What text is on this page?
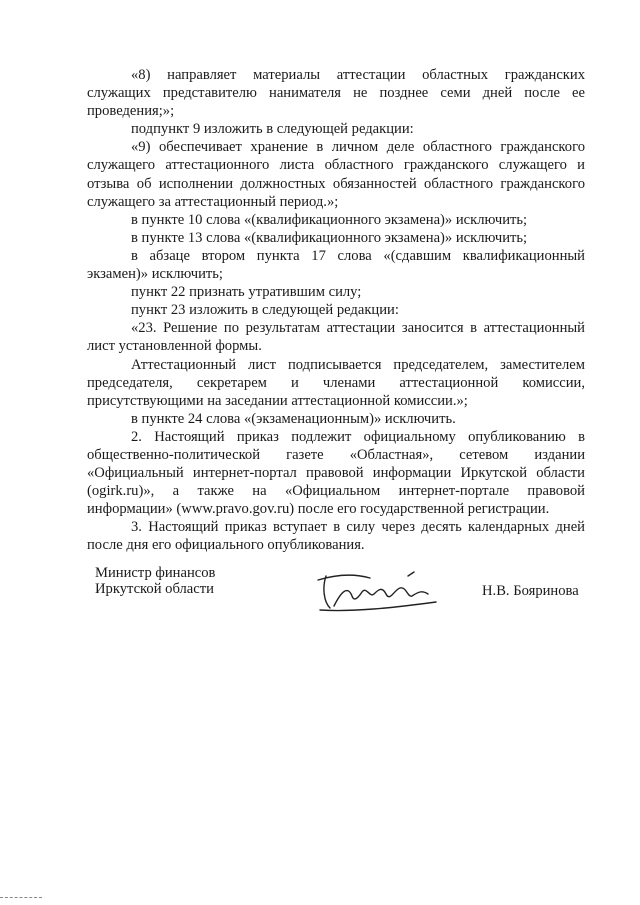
«8) направляет материалы аттестации областных гражданских служащих представителю нанимателя не позднее семи дней после ее проведения;»;

подпункт 9 изложить в следующей редакции:

«9) обеспечивает хранение в личном деле областного гражданского служащего аттестационного листа областного гражданского служащего и отзыва об исполнении должностных обязанностей областного гражданского служащего за аттестационный период.»;

в пункте 10 слова «(квалификационного экзамена)» исключить;

в пункте 13 слова «(квалификационного экзамена)» исключить;

в абзаце втором пункта 17 слова «(сдавшим квалификационный экзамен)» исключить;

пункт 22 признать утратившим силу;

пункт 23 изложить в следующей редакции:

«23. Решение по результатам аттестации заносится в аттестационный лист установленной формы.

Аттестационный лист подписывается председателем, заместителем председателя, секретарем и членами аттестационной комиссии, присутствующими на заседании аттестационной комиссии.»;

в пункте 24 слова «(экзаменационным)» исключить.

2. Настоящий приказ подлежит официальному опубликованию в общественно-политической газете «Областная», сетевом издании «Официальный интернет-портал правовой информации Иркутской области (ogirk.ru)», а также на «Официальном интернет-портале правовой информации» (www.pravo.gov.ru) после его государственной регистрации.

3. Настоящий приказ вступает в силу через десять календарных дней после дня его официального опубликования.

Министр финансов
Иркутской области	Н.В. Бояринова
